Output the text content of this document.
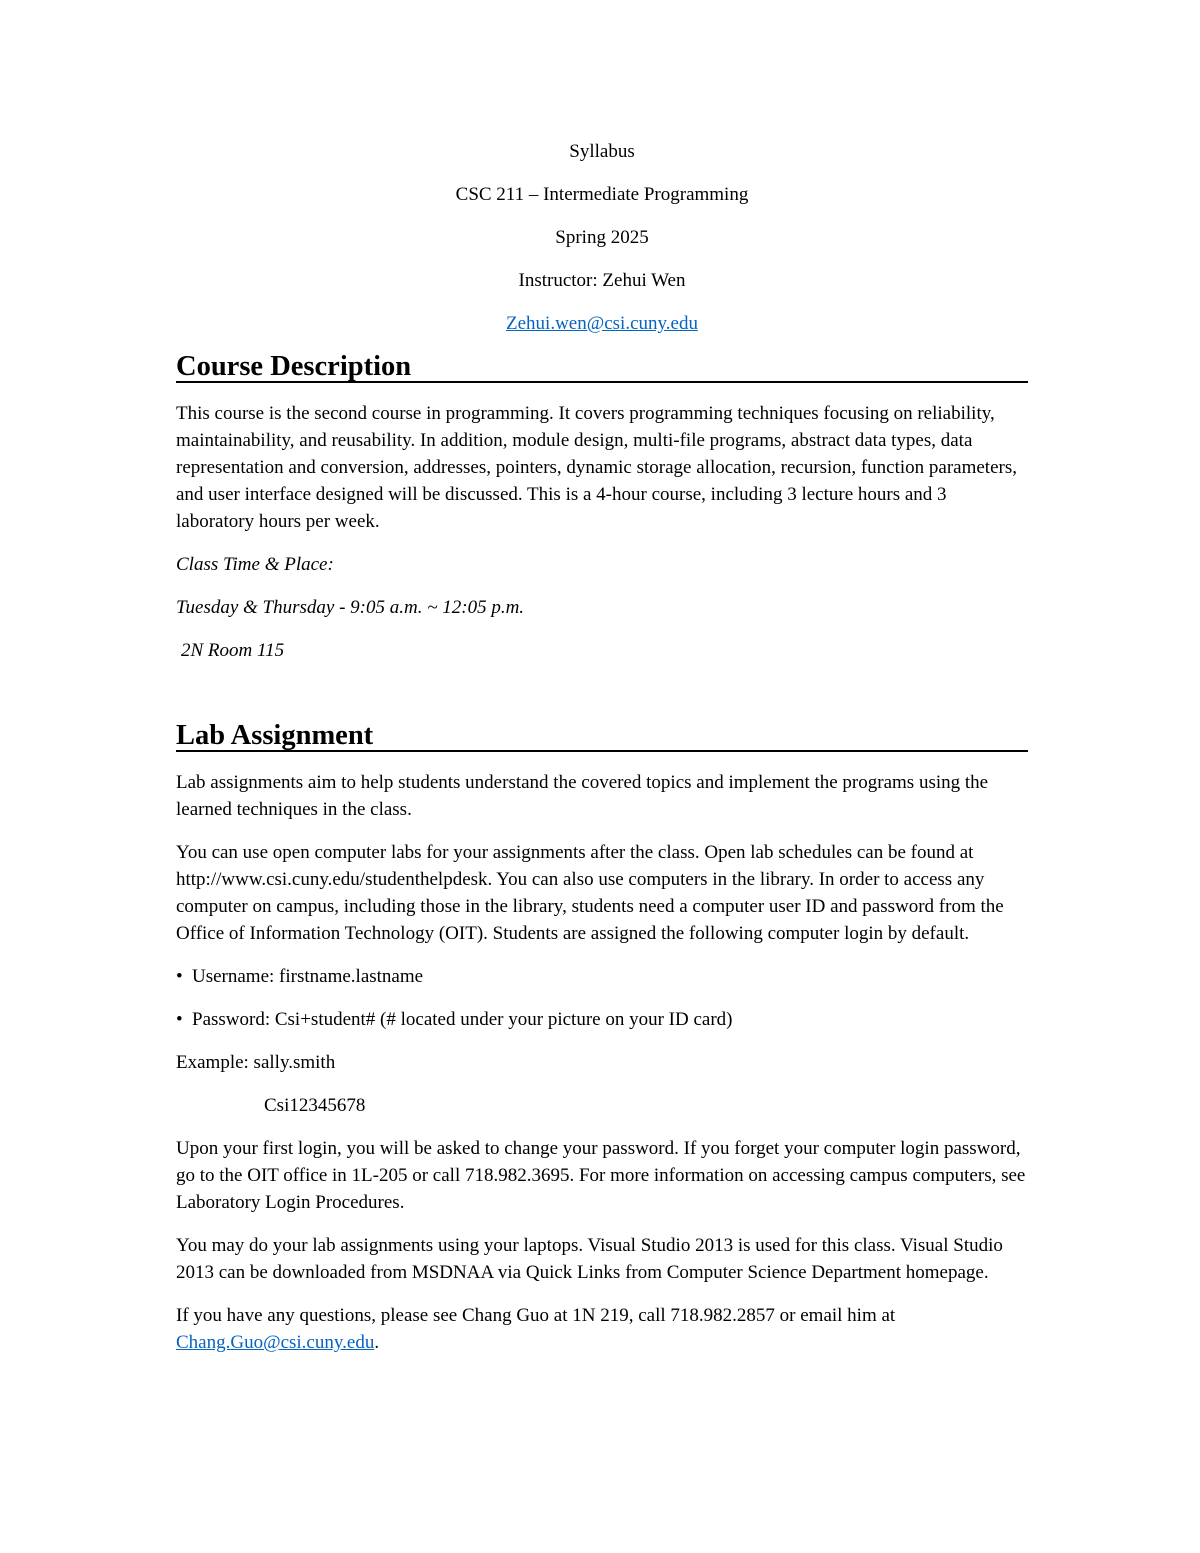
Syllabus

CSC 211 – Intermediate Programming

Spring 2025

Instructor: Zehui Wen

Zehui.wen@csi.cuny.edu

Course Description

This course is the second course in programming. It covers programming techniques focusing on reliability, maintainability, and reusability. In addition, module design, multi-file programs, abstract data types, data representation and conversion, addresses, pointers, dynamic storage allocation, recursion, function parameters, and user interface designed will be discussed. This is a 4-hour course, including 3 lecture hours and 3 laboratory hours per week.

Class Time & Place:

Tuesday & Thursday - 9:05 a.m. ~ 12:05 p.m.

2N Room 115

Lab Assignment

Lab assignments aim to help students understand the covered topics and implement the programs using the learned techniques in the class.

You can use open computer labs for your assignments after the class. Open lab schedules can be found at http://www.csi.cuny.edu/studenthelpdesk. You can also use computers in the library. In order to access any computer on campus, including those in the library, students need a computer user ID and password from the Office of Information Technology (OIT). Students are assigned the following computer login by default.

• Username: firstname.lastname
• Password: Csi+student# (# located under your picture on your ID card)

Example: sally.smith

Csi12345678

Upon your first login, you will be asked to change your password. If you forget your computer login password, go to the OIT office in 1L-205 or call 718.982.3695. For more information on accessing campus computers, see Laboratory Login Procedures.

You may do your lab assignments using your laptops. Visual Studio 2013 is used for this class. Visual Studio 2013 can be downloaded from MSDNAA via Quick Links from Computer Science Department homepage.

If you have any questions, please see Chang Guo at 1N 219, call 718.982.2857 or email him at Chang.Guo@csi.cuny.edu.
